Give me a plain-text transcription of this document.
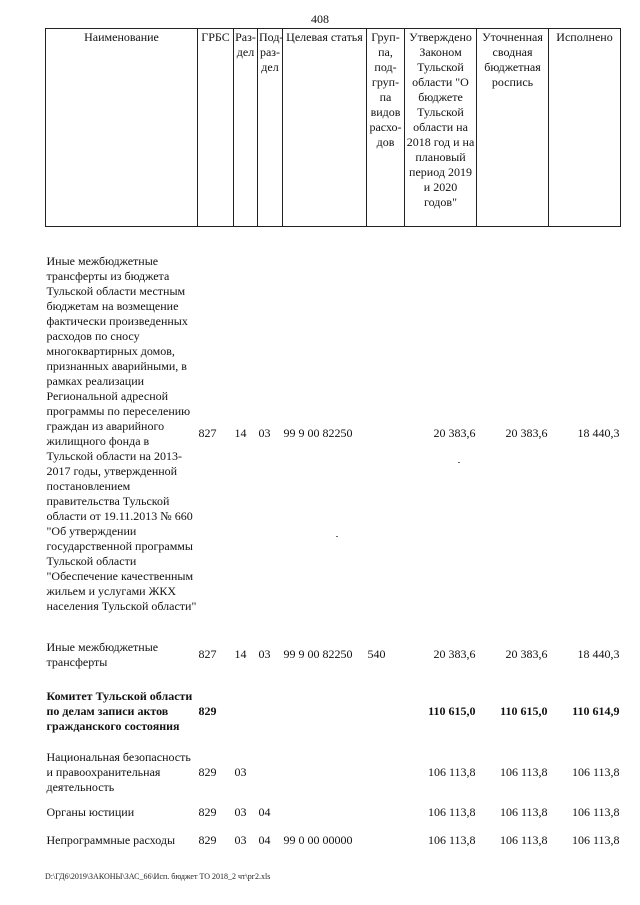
408
Наименование	ГРБС	Раз-дел	Под-раз-дел	Целевая статья	Груп-па, под-груп-па видов расхо-дов	Утверждено Законом Тульской области "О бюджете Тульской области на 2018 год и на плановый период 2019 и 2020 годов"	Уточненная сводная бюджетная роспись	Исполнено
Иные межбюджетные трансферты из бюджета Тульской области местным бюджетам на возмещение фактически произведенных расходов по сносу многоквартирных домов, признанных аварийными, в рамках реализации Региональной адресной программы по переселению граждан из аварийного жилищного фонда в Тульской области на 2013-2017 годы, утвержденной постановлением правительства Тульской области от 19.11.2013 № 660 "Об утверждении государственной программы Тульской области "Обеспечение качественным жильем и услугами ЖКХ населения Тульской области"	827	14	03	99 9 00 82250		20 383,6	20 383,6	18 440,3
Иные межбюджетные трансферты	827	14	03	99 9 00 82250	540	20 383,6	20 383,6	18 440,3
Комитет Тульской области по делам записи актов гражданского состояния	829					110 615,0	110 615,0	110 614,9
Национальная безопасность и правоохранительная деятельность	829	03				106 113,8	106 113,8	106 113,8
Органы юстиции	829	03	04			106 113,8	106 113,8	106 113,8
Непрограммные расходы	829	03	04	99 0 00 00000		106 113,8	106 113,8	106 113,8
D:\ГД6\2019\ЗАКОНЫ\ЗАС_66\Исп. бюджет ТО 2018_2 чт\рг2.xls
